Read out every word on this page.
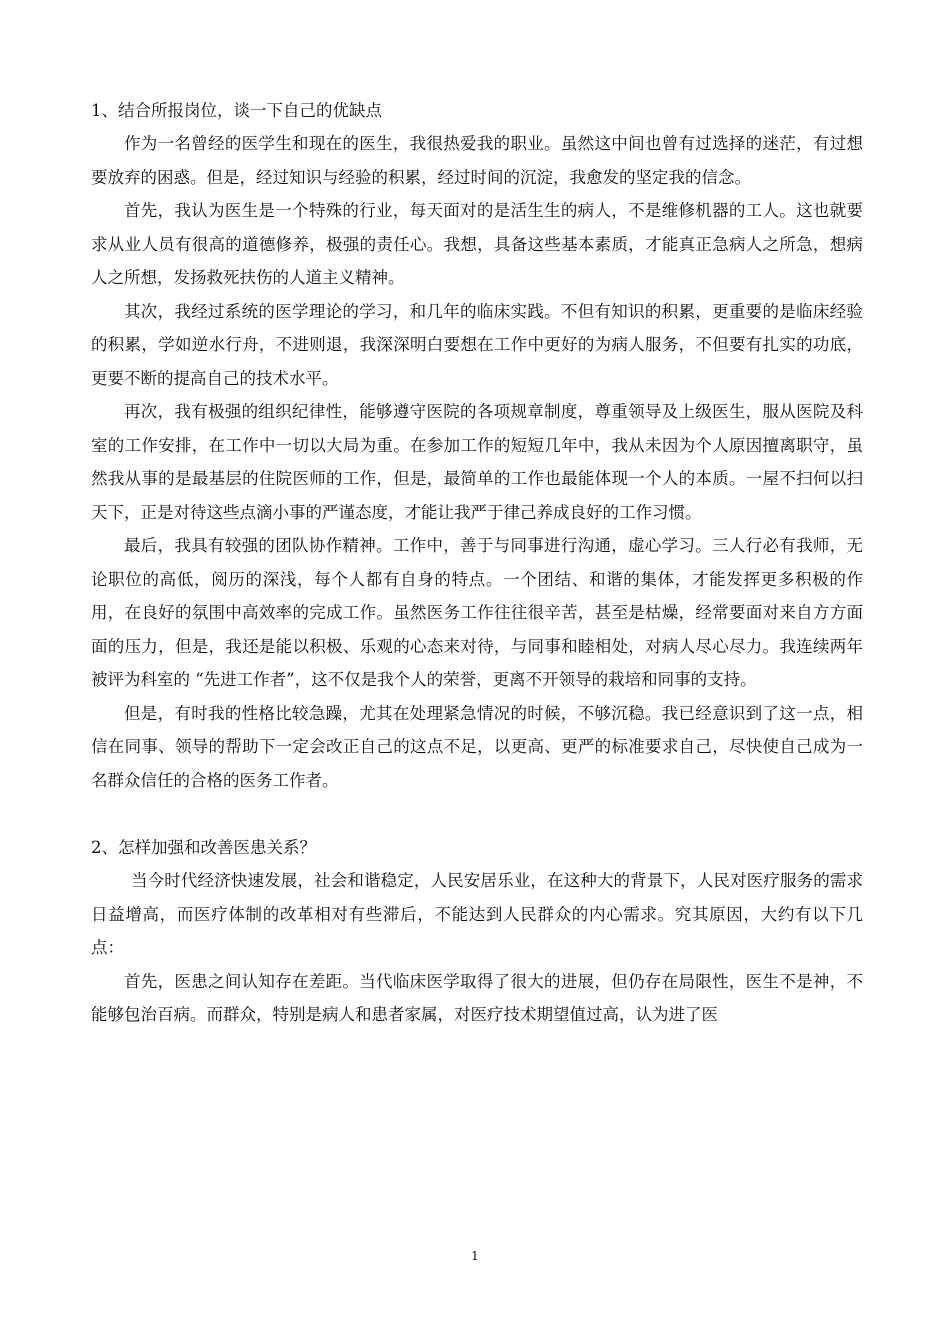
1、结合所报岗位，谈一下自己的优缺点

作为一名曾经的医学生和现在的医生，我很热爱我的职业。虽然这中间也曾有过选择的迷茫，有过想要放弃的困惑。但是，经过知识与经验的积累，经过时间的沉淀，我愈发的坚定我的信念。

首先，我认为医生是一个特殊的行业，每天面对的是活生生的病人，不是维修机器的工人。这也就要求从业人员有很高的道德修养，极强的责任心。我想，具备这些基本素质，才能真正急病人之所急，想病人之所想，发扬救死扶伤的人道主义精神。

其次，我经过系统的医学理论的学习，和几年的临床实践。不但有知识的积累，更重要的是临床经验的积累，学如逆水行舟，不进则退，我深深明白要想在工作中更好的为病人服务，不但要有扎实的功底，更要不断的提高自己的技术水平。

再次，我有极强的组织纪律性，能够遵守医院的各项规章制度，尊重领导及上级医生，服从医院及科室的工作安排，在工作中一切以大局为重。在参加工作的短短几年中，我从未因为个人原因擅离职守，虽然我从事的是最基层的住院医师的工作，但是，最简单的工作也最能体现一个人的本质。一屋不扫何以扫天下，正是对待这些点滴小事的严谨态度，才能让我严于律己养成良好的工作习惯。

最后，我具有较强的团队协作精神。工作中，善于与同事进行沟通，虚心学习。三人行必有我师，无论职位的高低，阅历的深浅，每个人都有自身的特点。一个团结、和谐的集体，才能发挥更多积极的作用，在良好的氛围中高效率的完成工作。虽然医务工作往往很辛苦，甚至是枯燥，经常要面对来自方方面面的压力，但是，我还是能以积极、乐观的心态来对待，与同事和睦相处，对病人尽心尽力。我连续两年被评为科室的 “先进工作者”，这不仅是我个人的荣誉，更离不开领导的栽培和同事的支持。

但是，有时我的性格比较急躁，尤其在处理紧急情况的时候，不够沉稳。我已经意识到了这一点，相信在同事、领导的帮助下一定会改正自己的这点不足，以更高、更严的标准要求自己，尽快使自己成为一名群众信任的合格的医务工作者。

2、怎样加强和改善医患关系？

当今时代经济快速发展，社会和谐稳定，人民安居乐业，在这种大的背景下，人民对医疗服务的需求日益增高，而医疗体制的改革相对有些滞后，不能达到人民群众的内心需求。究其原因，大约有以下几点：

首先，医患之间认知存在差距。当代临床医学取得了很大的进展，但仍存在局限性，医生不是神，不能够包治百病。而群众，特别是病人和患者家属，对医疗技术期望值过高，认为进了医

1
